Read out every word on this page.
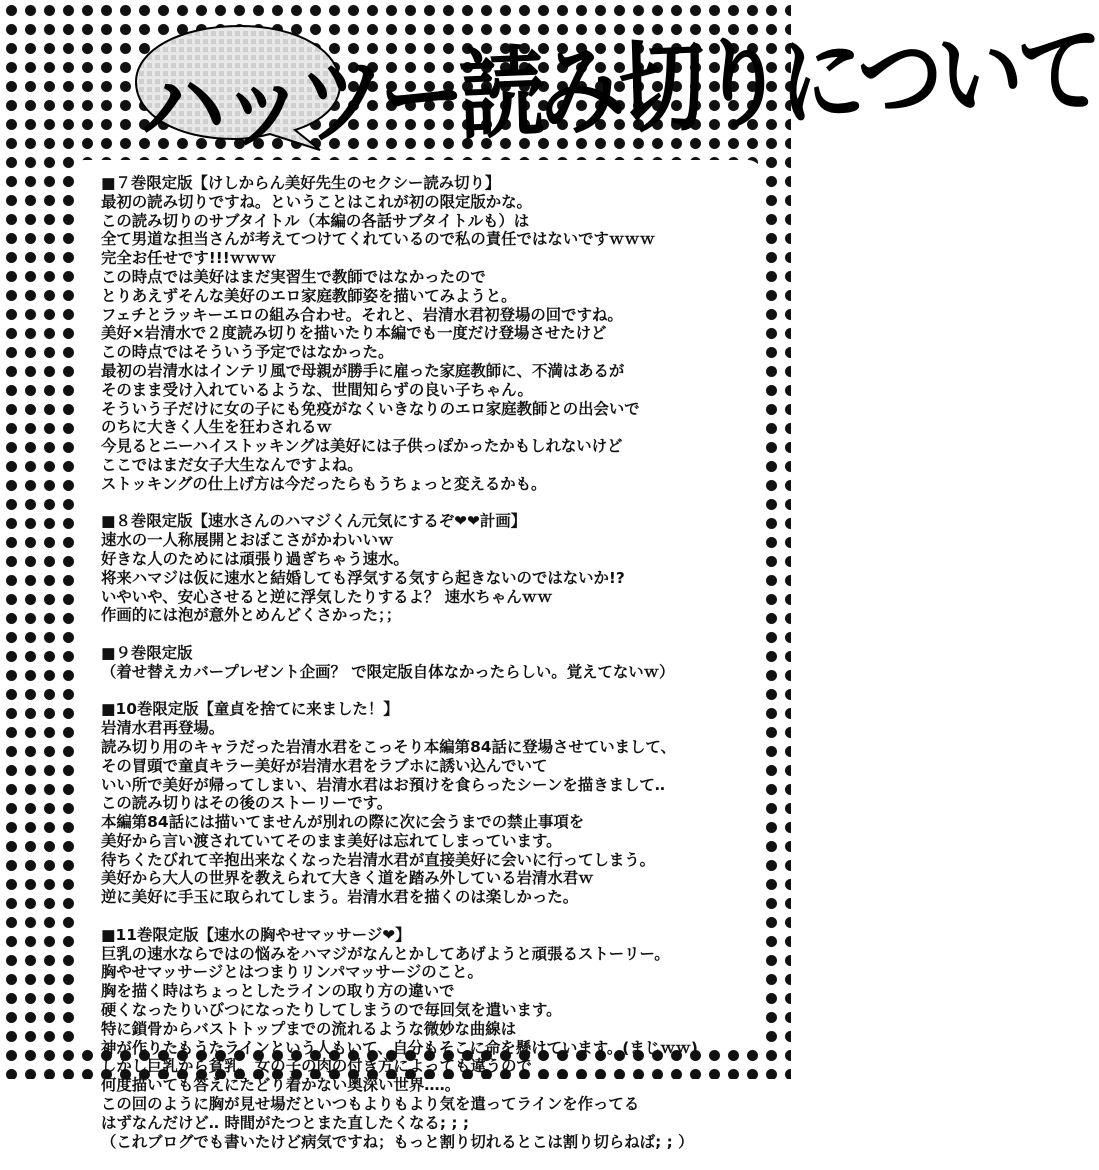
ハッツー読み切りについて
■７巻限定版【けしからん美好先生のセクシー読み切り】
最初の読み切りですね。ということはこれが初の限定版かな。
この読み切りのサブタイトル（本編の各話サブタイトルも）は
全て男道な担当さんが考えてつけてくれているので私の責任ではないですｗｗｗ
完全お任せです!!!ｗｗｗ
この時点では美好はまだ実習生で教師ではなかったので
とりあえずそんな美好のエロ家庭教師姿を描いてみようと。
フェチとラッキーエロの組み合わせ。それと、岩清水君初登場の回ですね。
美好×岩清水で２度読み切りを描いたり本編でも一度だけ登場させたけど
この時点ではそういう予定ではなかった。
最初の岩清水はインテリ風で母親が勝手に雇った家庭教師に、不満はあるが
そのまま受け入れているような、世間知らずの良い子ちゃん。
そういう子だけに女の子にも免疫がなくいきなりのエロ家庭教師との出会いで
のちに大きく人生を狂わされるｗ
今見るとニーハイストッキングは美好には子供っぽかったかもしれないけど
ここではまだ女子大生なんですよね。
ストッキングの仕上げ方は今だったらもうちょっと変えるかも。
■８巻限定版【速水さんのハマジくん元気にするぞ❤❤計画】
速水の一人称展開とおぼこさがかわいいｗ
好きな人のためには頑張り過ぎちゃう速水。
将来ハマジは仮に速水と結婚しても浮気する気すら起きないのではないか!?
いやいや、安心させると逆に浮気したりするよ？ 速水ちゃんｗｗ
作画的には泡が意外とめんどくさかった；；
■９巻限定版
（着せ替えカバープレゼント企画？ で限定版自体なかったらしい。覚えてないｗ）
■10巻限定版【童貞を捨てに来ました！】
岩清水君再登場。
読み切り用のキャラだった岩清水君をこっそり本編第84話に登場させていまして、
その冒頭で童貞キラー美好が岩清水君をラブホに誘い込んでいて
いい所で美好が帰ってしまい、岩清水君はお預けを食らったシーンを描きまして‥
この読み切りはその後のストーリーです。
本編第84話には描いてませんが別れの際に次に会うまでの禁止事項を
美好から言い渡されていてそのまま美好は忘れてしまっています。
待ちくたびれて辛抱出来なくなった岩清水君が直接美好に会いに行ってしまう。
美好から大人の世界を教えられて大きく道を踏み外している岩清水君ｗ
逆に美好に手玉に取られてしまう。岩清水君を描くのは楽しかった。
■11巻限定版【速水の胸やせマッサージ❤】
巨乳の速水ならではの悩みをハマジがなんとかしてあげようと頑張るストーリー。
胸やせマッサージとはつまりリンパマッサージのこと。
胸を描く時はちょっとしたラインの取り方の違いで
硬くなったりいびつになったりしてしまうので毎回気を遣います。
特に鎖骨からバストトップまでの流れるような微妙な曲線は
神が作りたもうたラインという人もいて、自分もそこに命を懸けています。(まじｗｗ)
しかし巨乳から貧乳、女の子の肉の付き方によっても違うので
何度描いても答えにたどり着かない奥深い世界‥‥。
この回のように胸が見せ場だといつもよりもより気を遣ってラインを作ってる
はずなんだけど‥ 時間がたつとまた直したくなる; ; ;
（これブログでも書いたけど病気ですね；もっと割り切れるとこは割り切らねば; ; ）
